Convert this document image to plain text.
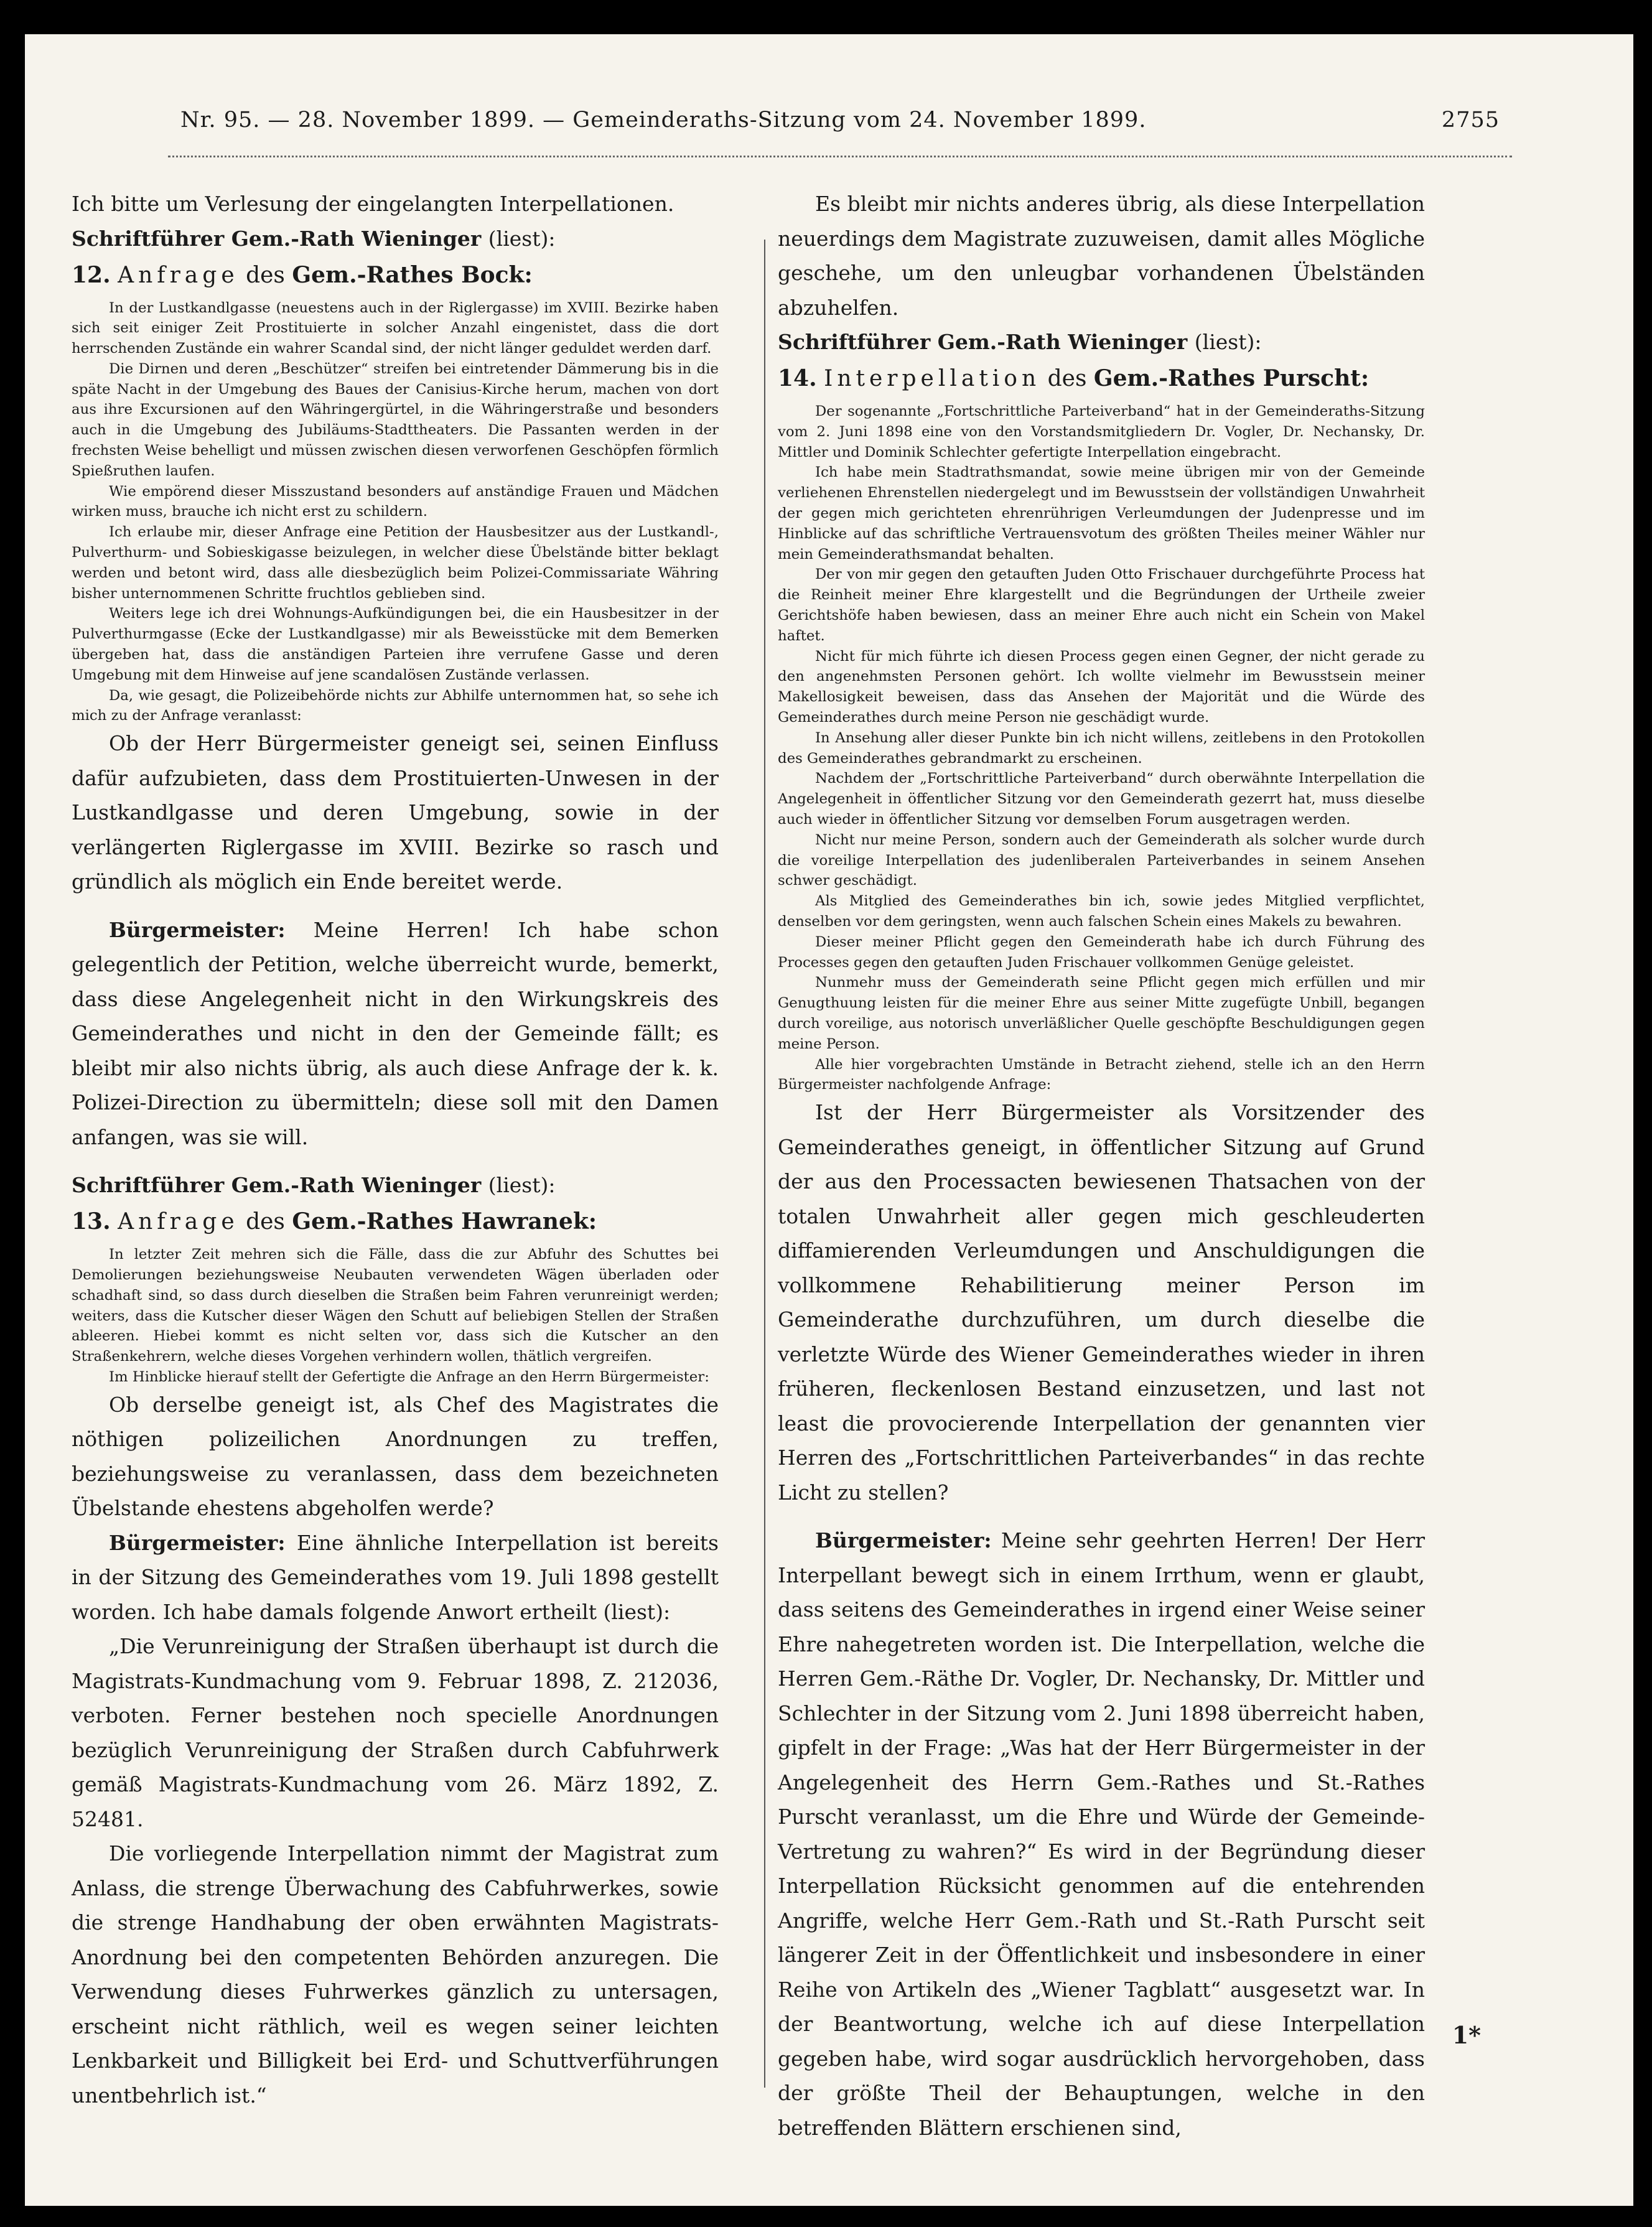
Nr. 95. — 28. November 1899. — Gemeinderaths-Sitzung vom 24. November 1899.	2755

Ich bitte um Verlesung der eingelangten Interpellationen.

Schriftführer Gem.-Rath Wieninger (liest):

12. Anfrage des Gem.-Rathes Bock:

In der Lustkandlgasse (neuestens auch in der Riglergasse) im XVIII. Bezirke haben sich seit einiger Zeit Prostituierte in solcher Anzahl eingenistet, dass die dort herrschenden Zustände ein wahrer Scandal sind, der nicht länger geduldet werden darf.

Die Dirnen und deren „Beschützer“ streifen bei eintretender Dämmerung bis in die späte Nacht in der Umgebung des Baues der Canisius-Kirche herum, machen von dort aus ihre Excursionen auf den Währingergürtel, in die Währingerstraße und besonders auch in die Umgebung des Jubiläums-Stadttheaters. Die Passanten werden in der frechsten Weise behelligt und müssen zwischen diesen verworfenen Geschöpfen förmlich Spießruthen laufen.

Wie empörend dieser Misszustand besonders auf anständige Frauen und Mädchen wirken muss, brauche ich nicht erst zu schildern.

Ich erlaube mir, dieser Anfrage eine Petition der Hausbesitzer aus der Lustkandl-, Pulverthurm- und Sobieskigasse beizulegen, in welcher diese Übelstände bitter beklagt werden und betont wird, dass alle diesbezüglich beim Polizei-Commissariate Währing bisher unternommenen Schritte fruchtlos geblieben sind.

Weiters lege ich drei Wohnungs-Aufkündigungen bei, die ein Hausbesitzer in der Pulverthurmgasse (Ecke der Lustkandlgasse) mir als Beweisstücke mit dem Bemerken übergeben hat, dass die anständigen Parteien ihre verrufene Gasse und deren Umgebung mit dem Hinweise auf jene scandalösen Zustände verlassen.

Da, wie gesagt, die Polizeibehörde nichts zur Abhilfe unternommen hat, so sehe ich mich zu der Anfrage veranlasst:

Ob der Herr Bürgermeister geneigt sei, seinen Einfluss dafür aufzubieten, dass dem Prostituierten-Unwesen in der Lustkandlgasse und deren Umgebung, sowie in der verlängerten Riglergasse im XVIII. Bezirke so rasch und gründlich als möglich ein Ende bereitet werde.

Bürgermeister: Meine Herren! Ich habe schon gelegentlich der Petition, welche überreicht wurde, bemerkt, dass diese Angelegenheit nicht in den Wirkungskreis des Gemeinderathes und nicht in den der Gemeinde fällt; es bleibt mir also nichts übrig, als auch diese Anfrage der k. k. Polizei-Direction zu übermitteln; diese soll mit den Damen anfangen, was sie will.

Schriftführer Gem.-Rath Wieninger (liest):

13. Anfrage des Gem.-Rathes Hawranek:

In letzter Zeit mehren sich die Fälle, dass die zur Abfuhr des Schuttes bei Demolierungen beziehungsweise Neubauten verwendeten Wägen überladen oder schadhaft sind, so dass durch dieselben die Straßen beim Fahren verunreinigt werden; weiters, dass die Kutscher dieser Wägen den Schutt auf beliebigen Stellen der Straßen ableeren. Hiebei kommt es nicht selten vor, dass sich die Kutscher an den Straßenkehrern, welche dieses Vorgehen verhindern wollen, thätlich vergreifen.

Im Hinblicke hierauf stellt der Gefertigte die Anfrage an den Herrn Bürgermeister:

Ob derselbe geneigt ist, als Chef des Magistrates die nöthigen polizeilichen Anordnungen zu treffen, beziehungsweise zu veranlassen, dass dem bezeichneten Übelstande ehestens abgeholfen werde?

Bürgermeister: Eine ähnliche Interpellation ist bereits in der Sitzung des Gemeinderathes vom 19. Juli 1898 gestellt worden. Ich habe damals folgende Anwort ertheilt (liest):

„Die Verunreinigung der Straßen überhaupt ist durch die Magistrats-Kundmachung vom 9. Februar 1898, Z. 212036, verboten. Ferner bestehen noch specielle Anordnungen bezüglich Verunreinigung der Straßen durch Cabfuhrwerk gemäß Magistrats-Kundmachung vom 26. März 1892, Z. 52481.

Die vorliegende Interpellation nimmt der Magistrat zum Anlass, die strenge Überwachung des Cabfuhrwerkes, sowie die strenge Handhabung der oben erwähnten Magistrats-Anordnung bei den competenten Behörden anzuregen. Die Verwendung dieses Fuhrwerkes gänzlich zu untersagen, erscheint nicht räthlich, weil es wegen seiner leichten Lenkbarkeit und Billigkeit bei Erd- und Schuttverführungen unentbehrlich ist.“

Es bleibt mir nichts anderes übrig, als diese Interpellation neuerdings dem Magistrate zuzuweisen, damit alles Mögliche geschehe, um den unleugbar vorhandenen Übelständen abzuhelfen.

Schriftführer Gem.-Rath Wieninger (liest):

14. Interpellation des Gem.-Rathes Purscht:

Der sogenannte „Fortschrittliche Parteiverband“ hat in der Gemeinderaths-Sitzung vom 2. Juni 1898 eine von den Vorstandsmitgliedern Dr. Vogler, Dr. Nechansky, Dr. Mittler und Dominik Schlechter gefertigte Interpellation eingebracht.

Ich habe mein Stadtrathsmandat, sowie meine übrigen mir von der Gemeinde verliehenen Ehrenstellen niedergelegt und im Bewusstsein der vollständigen Unwahrheit der gegen mich gerichteten ehrenrührigen Verleumdungen der Judenpresse und im Hinblicke auf das schriftliche Vertrauensvotum des größten Theiles meiner Wähler nur mein Gemeinderathsmandat behalten.

Der von mir gegen den getauften Juden Otto Frischauer durchgeführte Process hat die Reinheit meiner Ehre klargestellt und die Begründungen der Urtheile zweier Gerichtshöfe haben bewiesen, dass an meiner Ehre auch nicht ein Schein von Makel haftet.

Nicht für mich führte ich diesen Process gegen einen Gegner, der nicht gerade zu den angenehmsten Personen gehört. Ich wollte vielmehr im Bewusstsein meiner Makellosigkeit beweisen, dass das Ansehen der Majorität und die Würde des Gemeinderathes durch meine Person nie geschädigt wurde.

In Ansehung aller dieser Punkte bin ich nicht willens, zeitlebens in den Protokollen des Gemeinderathes gebrandmarkt zu erscheinen.

Nachdem der „Fortschrittliche Parteiverband“ durch oberwähnte Interpellation die Angelegenheit in öffentlicher Sitzung vor den Gemeinderath gezerrt hat, muss dieselbe auch wieder in öffentlicher Sitzung vor demselben Forum ausgetragen werden.

Nicht nur meine Person, sondern auch der Gemeinderath als solcher wurde durch die voreilige Interpellation des judenliberalen Parteiverbandes in seinem Ansehen schwer geschädigt.

Als Mitglied des Gemeinderathes bin ich, sowie jedes Mitglied verpflichtet, denselben vor dem geringsten, wenn auch falschen Schein eines Makels zu bewahren.

Dieser meiner Pflicht gegen den Gemeinderath habe ich durch Führung des Processes gegen den getauften Juden Frischauer vollkommen Genüge geleistet.

Nunmehr muss der Gemeinderath seine Pflicht gegen mich erfüllen und mir Genugthuung leisten für die meiner Ehre aus seiner Mitte zugefügte Unbill, begangen durch voreilige, aus notorisch unverläßlicher Quelle geschöpfte Beschuldigungen gegen meine Person.

Alle hier vorgebrachten Umstände in Betracht ziehend, stelle ich an den Herrn Bürgermeister nachfolgende Anfrage:

Ist der Herr Bürgermeister als Vorsitzender des Gemeinderathes geneigt, in öffentlicher Sitzung auf Grund der aus den Processacten bewiesenen Thatsachen von der totalen Unwahrheit aller gegen mich geschleuderten diffamierenden Verleumdungen und Anschuldigungen die vollkommene Rehabilitierung meiner Person im Gemeinderathe durchzuführen, um durch dieselbe die verletzte Würde des Wiener Gemeinderathes wieder in ihren früheren, fleckenlosen Bestand einzusetzen, und last not least die provocierende Interpellation der genannten vier Herren des „Fortschrittlichen Parteiverbandes“ in das rechte Licht zu stellen?

Bürgermeister: Meine sehr geehrten Herren! Der Herr Interpellant bewegt sich in einem Irrthum, wenn er glaubt, dass seitens des Gemeinderathes in irgend einer Weise seiner Ehre nahegetreten worden ist. Die Interpellation, welche die Herren Gem.-Räthe Dr. Vogler, Dr. Nechansky, Dr. Mittler und Schlechter in der Sitzung vom 2. Juni 1898 überreicht haben, gipfelt in der Frage: „Was hat der Herr Bürgermeister in der Angelegenheit des Herrn Gem.-Rathes und St.-Rathes Purscht veranlasst, um die Ehre und Würde der Gemeinde-Vertretung zu wahren?“ Es wird in der Begründung dieser Interpellation Rücksicht genommen auf die entehrenden Angriffe, welche Herr Gem.-Rath und St.-Rath Purscht seit längerer Zeit in der Öffentlichkeit und insbesondere in einer Reihe von Artikeln des „Wiener Tagblatt“ ausgesetzt war. In der Beantwortung, welche ich auf diese Interpellation gegeben habe, wird sogar ausdrücklich hervorgehoben, dass der größte Theil der Behauptungen, welche in den betreffenden Blättern erschienen sind,

1*
